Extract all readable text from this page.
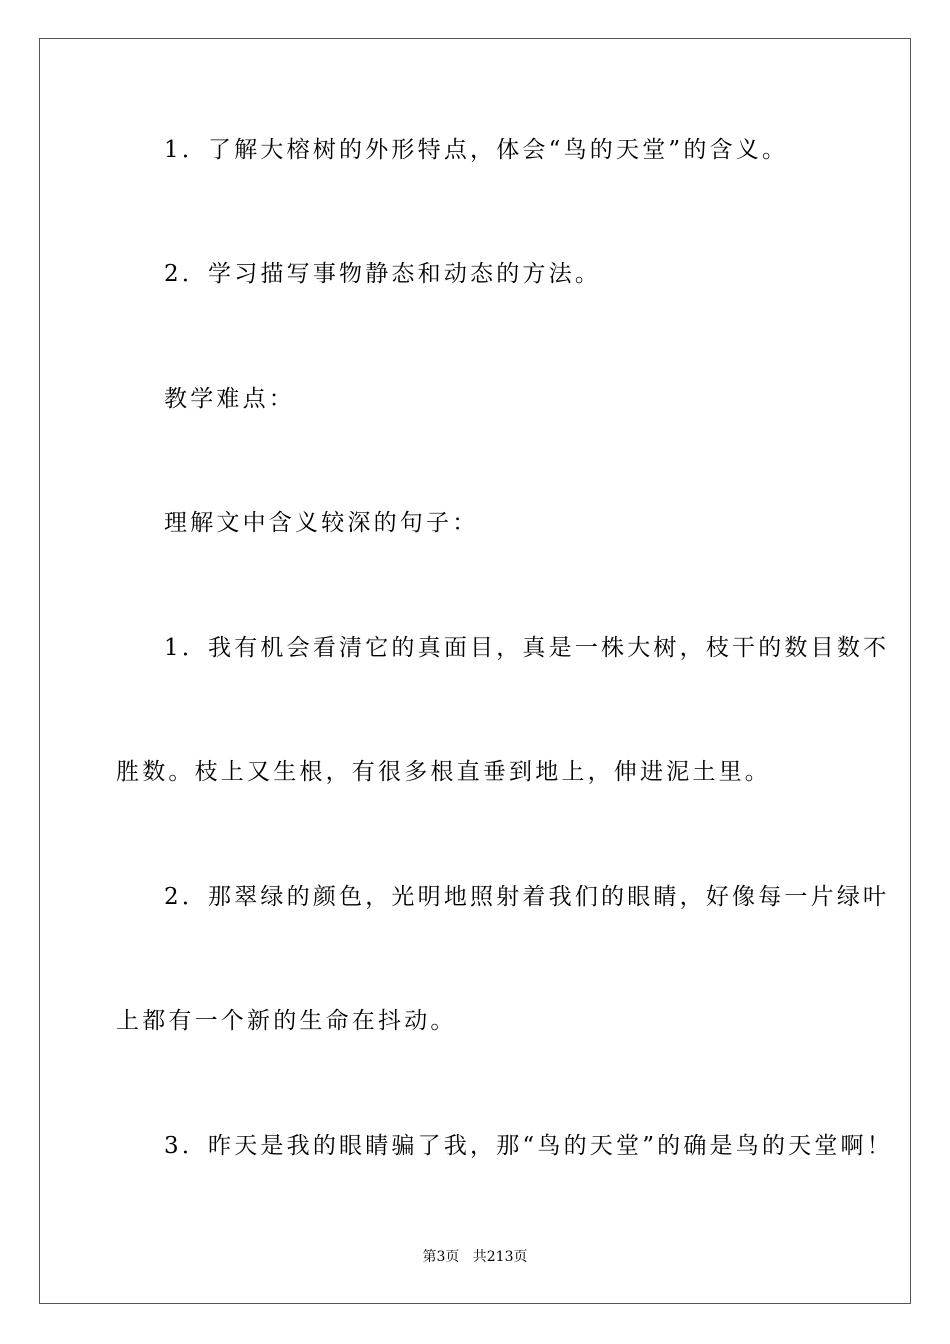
1．了解大榕树的外形特点，体会“鸟的天堂”的含义。
2．学习描写事物静态和动态的方法。
教学难点：
理解文中含义较深的句子：
1．我有机会看清它的真面目，真是一株大树，枝干的数目数不
胜数。枝上又生根，有很多根直垂到地上，伸进泥土里。
2．那翠绿的颜色，光明地照射着我们的眼睛，好像每一片绿叶
上都有一个新的生命在抖动。
3．昨天是我的眼睛骗了我，那“鸟的天堂”的确是鸟的天堂啊！
第3页   共213页
